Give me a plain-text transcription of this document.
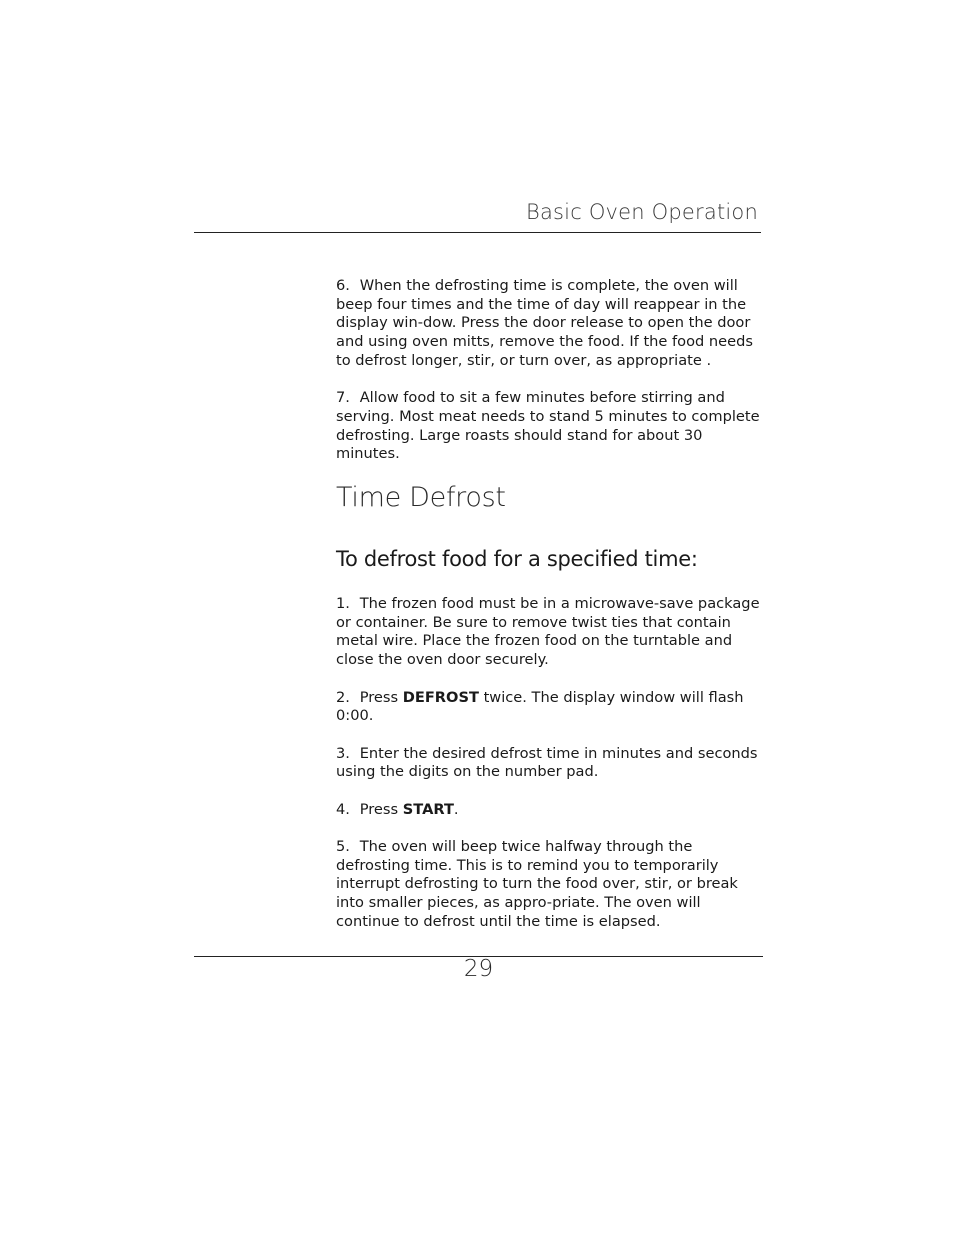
Basic Oven Operation

6. When the defrosting time is complete, the oven will beep four times and the time of day will reappear in the display win-dow. Press the door release to open the door and using oven mitts, remove the food. If the food needs to defrost longer, stir, or turn over, as appropriate .

7. Allow food to sit a few minutes before stirring and serving. Most meat needs to stand 5 minutes to complete defrosting. Large roasts should stand for about 30 minutes.

Time Defrost
To defrost food for a specified time:

1. The frozen food must be in a microwave-save package or container. Be sure to remove twist ties that contain metal wire. Place the frozen food on the turntable and close the oven door securely.

2. Press DEFROST twice. The display window will flash 0:00.

3. Enter the desired defrost time in minutes and seconds using the digits on the number pad.

4. Press START.

5. The oven will beep twice halfway through the defrosting time. This is to remind you to temporarily interrupt defrosting to turn the food over, stir, or break into smaller pieces, as appro-priate. The oven will continue to defrost until the time is elapsed.

29
